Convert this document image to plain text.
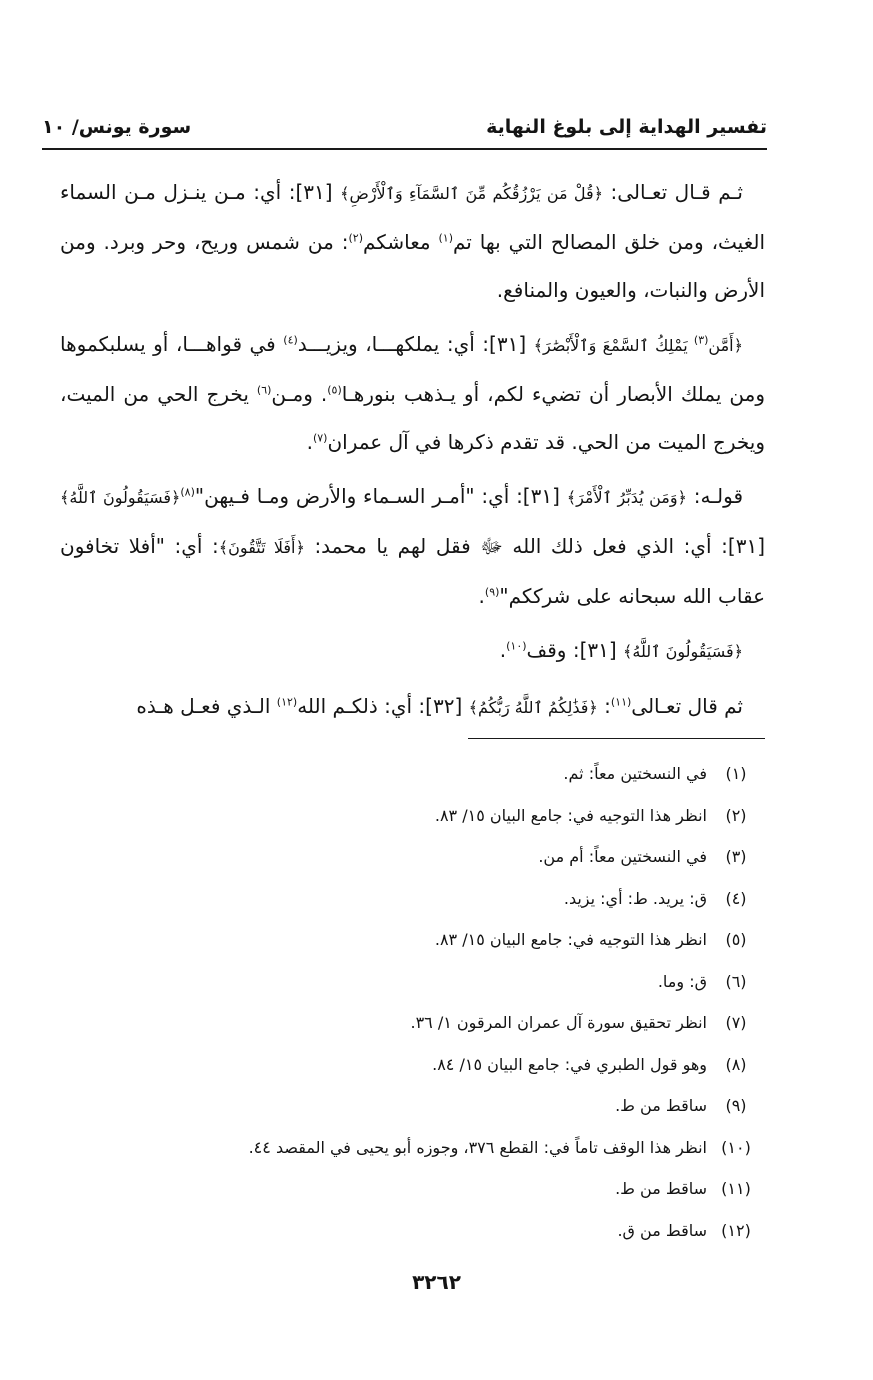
تفسير الهداية إلى بلوغ النهاية
سورة يونس/ ١٠

ثـم قـال تعـالى: ﴿قُلْ مَن يَرْزُقُكُم مِّنَ ٱلسَّمَآءِ وَٱلْأَرْضِ﴾ [٣١]: أي: مـن ينـزل مـن السماء الغيث، ومن خلق المصالح التي بها تم$^{(١)}$ معاشكم$^{(٢)}$: من شمس وريح، وحر وبرد. ومن الأرض والنبات، والعيون والمنافع.

﴿أَمَّن$^{(٣)}$ يَمْلِكُ ٱلسَّمْعَ وَٱلْأَبْصَٰرَ﴾ [٣١]: أي: يملكهـــا، ويزيـــد$^{(٤)}$ في قواهـــا، أو يسلبكموها ومن يملك الأبصار أن تضيء لكم، أو يـذهب بنورهـا$^{(٥)}$. ومـن$^{(٦)}$ يخرج الحي من الميت، ويخرج الميت من الحي. قد تقدم ذكرها في آل عمران$^{(٧)}$.

قولـه: ﴿وَمَن يُدَبِّرُ ٱلْأَمْرَ﴾ [٣١]: أي: "أمـر السـماء والأرض ومـا فـيهن"$^{(٨)}$﴿فَسَيَقُولُونَ ٱللَّهُ﴾ [٣١]: أي: الذي فعل ذلك الله ﷻ فقل لهم يا محمد: ﴿أَفَلَا تَتَّقُونَ﴾: أي: "أفلا تخافون عقاب الله سبحانه على شرككم"$^{(٩)}$.

﴿فَسَيَقُولُونَ ٱللَّهُ﴾ [٣١]: وقف$^{(١٠)}$.

ثم قال تعـالى$^{(١١)}$: ﴿فَذَٰلِكُمُ ٱللَّهُ رَبُّكُمُ﴾ [٣٢]: أي: ذلكـم الله$^{(١٢)}$ الـذي فعـل هـذه

(١)في النسختين معاً: ثم.
(٢)انظر هذا التوجيه في: جامع البيان ١٥/ ٨٣.
(٣)في النسختين معاً: أم من.
(٤)ق: يريد. ط: أي: يزيد.
(٥)انظر هذا التوجيه في: جامع البيان ١٥/ ٨٣.
(٦)ق: وما.
(٧)انظر تحقيق سورة آل عمران المرقون ١/ ٣٦.
(٨)وهو قول الطبري في: جامع البيان ١٥/ ٨٤.
(٩)ساقط من ط.
(١٠)انظر هذا الوقف تاماً في: القطع ٣٧٦، وجوزه أبو يحيى في المقصد ٤٤.
(١١)ساقط من ط.
(١٢)ساقط من ق.
٣٢٦٢
